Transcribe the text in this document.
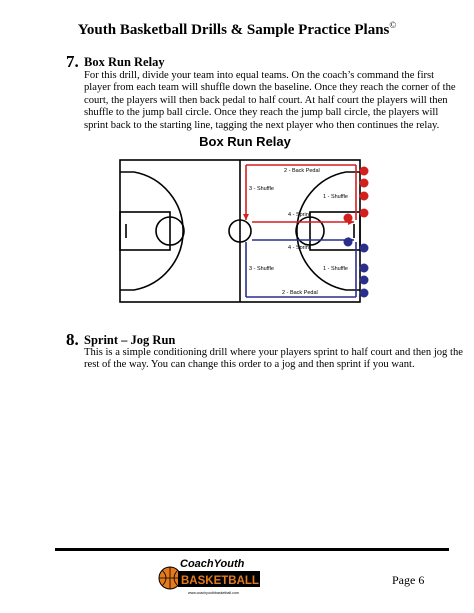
Youth Basketball Drills & Sample Practice Plans©
7. Box Run Relay
For this drill, divide your team into equal teams. On the coach’s command the first
player from each team will shuffle down the baseline. Once they reach the corner of the
court, the players will then back pedal to half court. At half court the players will then
shuffle to the jump ball circle. Once they reach the jump ball circle, the players will
sprint back to the starting line, tagging the next player who then continues the relay.
Box Run Relay
2 - Back Pedal
3 - Shuffle
1 - Shuffle
4 - Sprint
4 - Sprint
3 - Shuffle	1 - Shuffle
2 - Back Pedal
8. Sprint – Jog Run
This is a simple conditioning drill where your players sprint to half court and then jog the
rest of the way. You can change this order to a jog and then sprint if you want.
CoachYouth
BASKETBALL
www.coachyouthbasketball.com
Page 6
